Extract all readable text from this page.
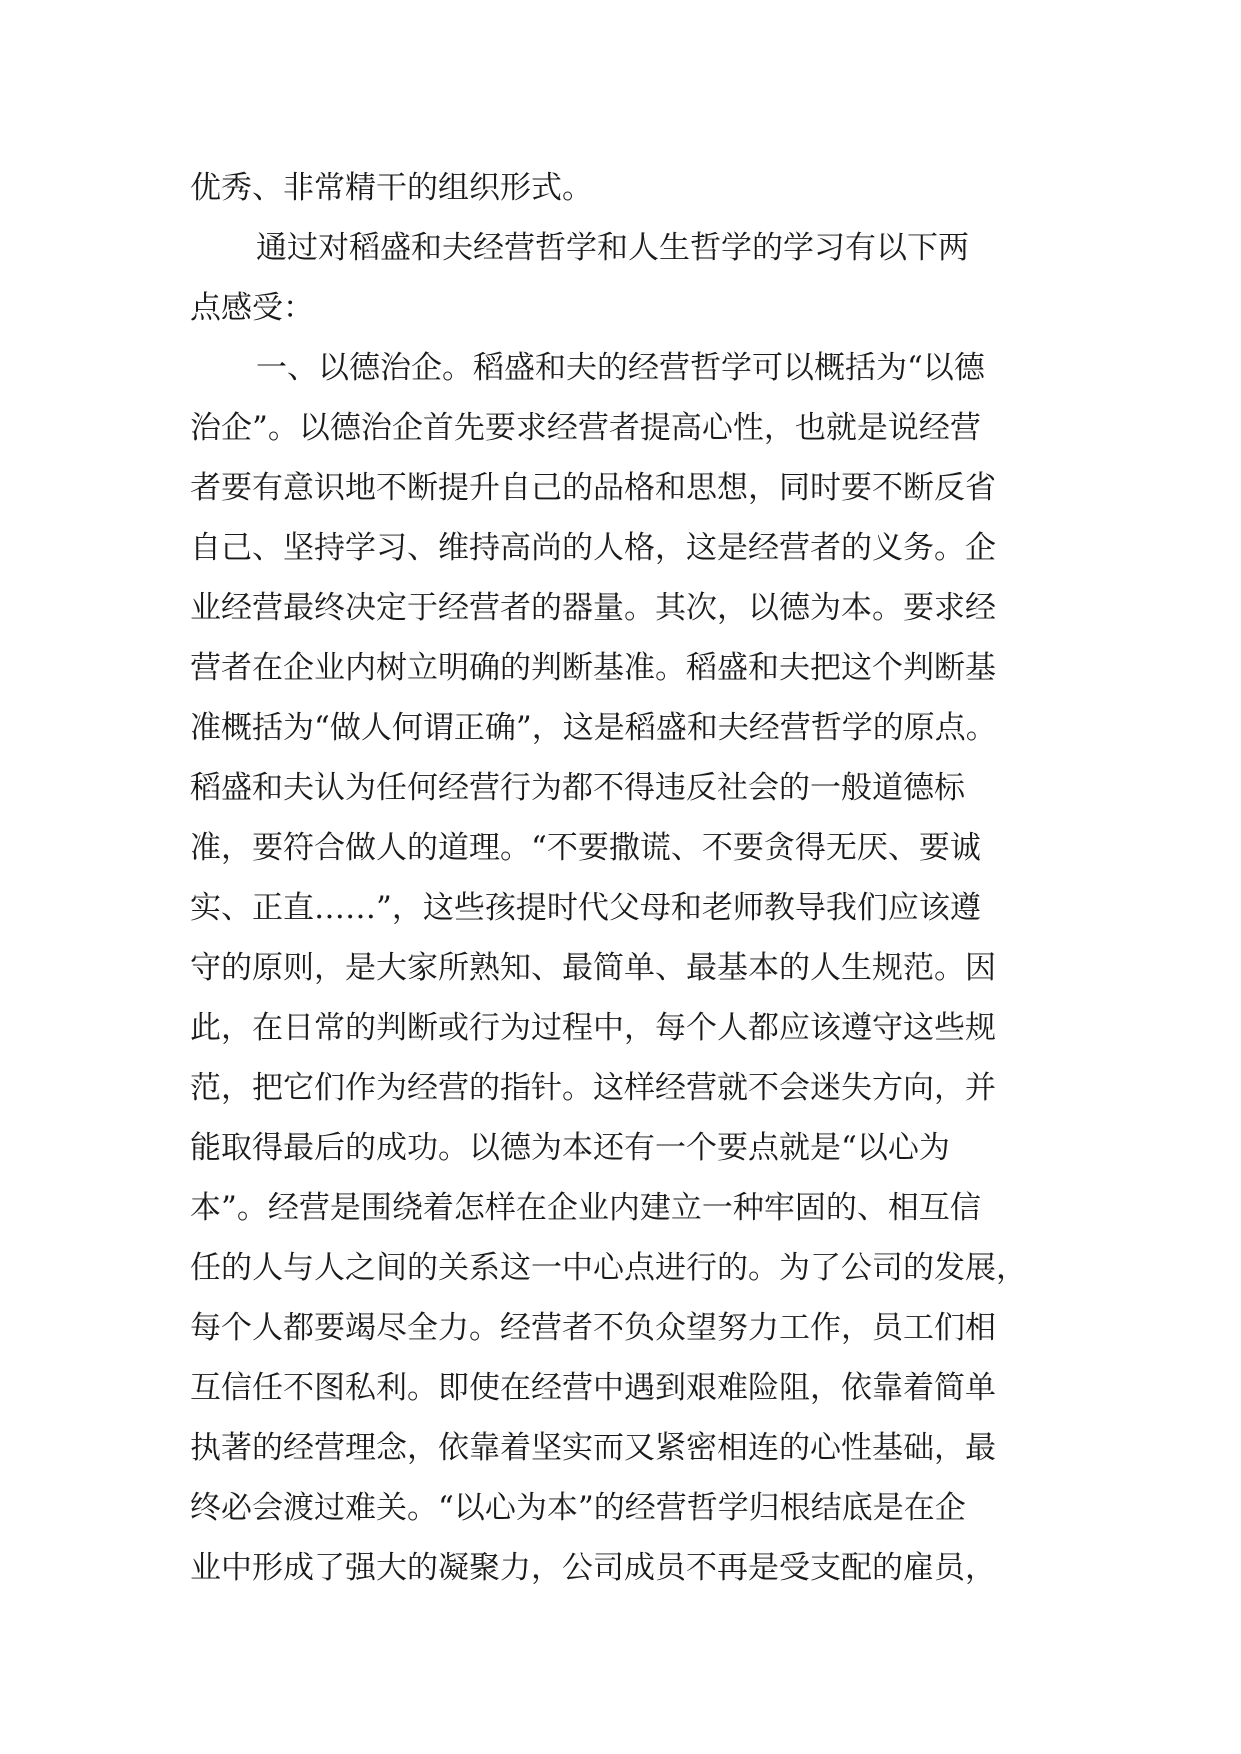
优秀、非常精干的组织形式。
通过对稻盛和夫经营哲学和人生哲学的学习有以下两
点感受：
一、以德治企。稻盛和夫的经营哲学可以概括为“以德
治企”。以德治企首先要求经营者提高心性，也就是说经营
者要有意识地不断提升自己的品格和思想，同时要不断反省
自己、坚持学习、维持高尚的人格，这是经营者的义务。企
业经营最终决定于经营者的器量。其次，以德为本。要求经
营者在企业内树立明确的判断基准。稻盛和夫把这个判断基
准概括为“做人何谓正确”，这是稻盛和夫经营哲学的原点。
稻盛和夫认为任何经营行为都不得违反社会的一般道德标
准，要符合做人的道理。“不要撒谎、不要贪得无厌、要诚
实、正直……”，这些孩提时代父母和老师教导我们应该遵
守的原则，是大家所熟知、最简单、最基本的人生规范。因
此，在日常的判断或行为过程中，每个人都应该遵守这些规
范，把它们作为经营的指针。这样经营就不会迷失方向，并
能取得最后的成功。以德为本还有一个要点就是“以心为
本”。经营是围绕着怎样在企业内建立一种牢固的、相互信
任的人与人之间的关系这一中心点进行的。为了公司的发展，
每个人都要竭尽全力。经营者不负众望努力工作，员工们相
互信任不图私利。即使在经营中遇到艰难险阻，依靠着简单
执著的经营理念，依靠着坚实而又紧密相连的心性基础，最
终必会渡过难关。“以心为本”的经营哲学归根结底是在企
业中形成了强大的凝聚力，公司成员不再是受支配的雇员，
